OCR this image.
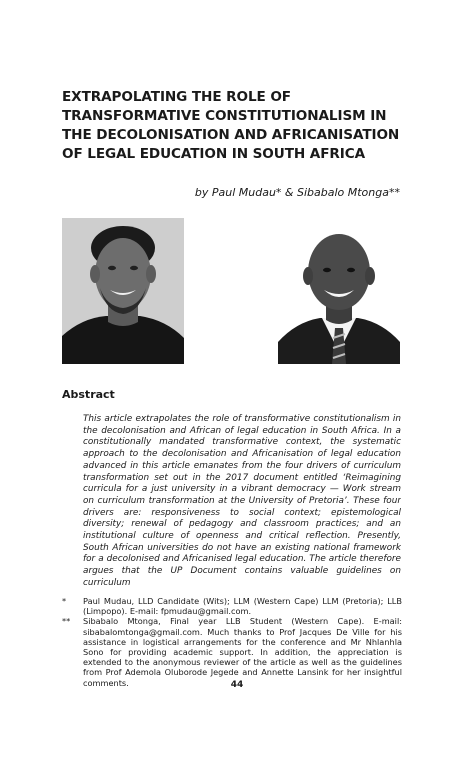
EXTRAPOLATING THE ROLE OF TRANSFORMATIVE CONSTITUTIONALISM IN THE DECOLONISATION AND AFRICANISATION OF LEGAL EDUCATION IN SOUTH AFRICA
by Paul Mudau* & Sibabalo Mtonga**
Abstract

This article extrapolates the role of transformative constitutionalism in the decolonisation and African of legal education in South Africa. In a constitutionally mandated transformative context, the systematic approach to the decolonisation and Africanisation of legal education advanced in this article emanates from the four drivers of curriculum transformation set out in the 2017 document entitled ‘Reimagining curricula for a just university in a vibrant democracy — Work stream on curriculum transformation at the University of Pretoria’. These four drivers are: responsiveness to social context; epistemological diversity; renewal of pedagogy and classroom practices; and an institutional culture of openness and critical reflection. Presently, South African universities do not have an existing national framework for a decolonised and Africanised legal education. The article therefore argues that the UP Document contains valuable guidelines on curriculum

*	Paul Mudau, LLD Candidate (Wits); LLM (Western Cape) LLM (Pretoria); LLB (Limpopo). E-mail: fpmudau@gmail.com.
**	Sibabalo Mtonga, Final year LLB Student (Western Cape). E-mail: sibabalomtonga@gmail.com. Much thanks to Prof Jacques De Ville for his assistance in logistical arrangements for the conference and Mr Nhlanhla Sono for providing academic support. In addition, the appreciation is extended to the anonymous reviewer of the article as well as the guidelines from Prof Ademola Oluborode Jegede and Annette Lansink for her insightful comments.	44
